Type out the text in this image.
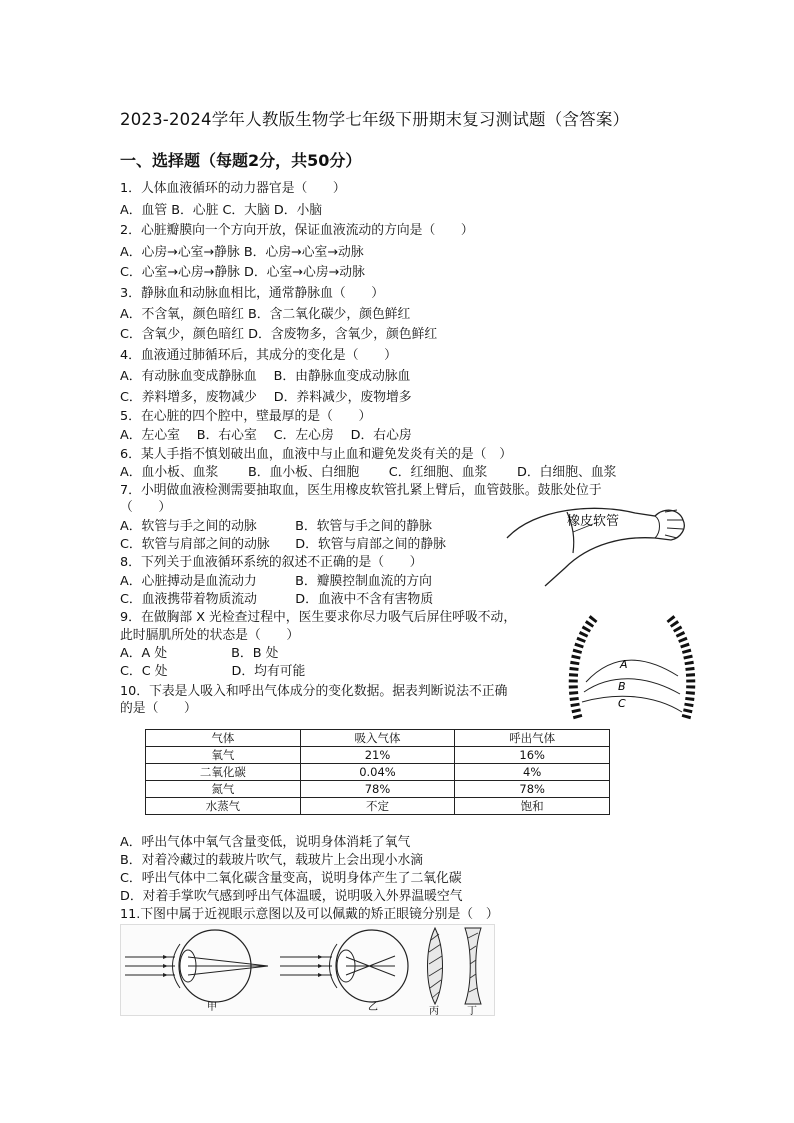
2023-2024学年人教版生物学七年级下册期末复习测试题（含答案）
一、选择题（每题2分，共50分）
1．人体血液循环的动力器官是（　　）
A．血管 B．心脏 C．大脑 D．小脑
2．心脏瓣膜向一个方向开放，保证血液流动的方向是（　　）
A．心房→心室→静脉 B．心房→心室→动脉
C．心室→心房→静脉 D．心室→心房→动脉
3．静脉血和动脉血相比，通常静脉血（　　）
A．不含氧，颜色暗红 B．含二氧化碳少，颜色鲜红
C．含氧少，颜色暗红 D．含废物多，含氧少，颜色鲜红
4．血液通过肺循环后，其成分的变化是（　　）
A．有动脉血变成静脉血　 B．由静脉血变成动脉血
C．养料增多，废物减少　 D．养料减少，废物增多
5．在心脏的四个腔中，壁最厚的是（　　）
A．左心室　 B．右心室　 C．左心房　 D．右心房
6．某人手指不慎划破出血，血液中与止血和避免发炎有关的是（　）
A．血小板、血浆　　 B．血小板、白细胞　　 C．红细胞、血浆　　 D．白细胞、血浆
7．小明做血液检测需要抽取血，医生用橡皮软管扎紧上臂后，血管鼓胀。鼓胀处位于
（　　）
A．软管与手之间的动脉　　　B．软管与手之间的静脉
C．软管与肩部之间的动脉　　D．软管与肩部之间的静脉
橡皮软管
8．下列关于血液循环系统的叙述不正确的是（　　）
A．心脏搏动是血流动力　　　B．瓣膜控制血流的方向
C．血液携带着物质流动　　　D．血液中不含有害物质
9．在做胸部 X 光检查过程中，医生要求你尽力吸气后屏住呼吸不动，
此时膈肌所处的状态是（　　）
A．A 处　　　　　B．B 处
C．C 处　　　　　D．均有可能	A
B
C
10．下表是人吸入和呼出气体成分的变化数据。据表判断说法不正确
的是（　　）
气体	吸入气体	呼出气体
氧气	21%	16%
二氧化碳	0.04%	4%
氮气	78%	78%
水蒸气	不定	饱和
A．呼出气体中氧气含量变低，说明身体消耗了氧气
B．对着冷藏过的载玻片吹气，载玻片上会出现小水滴
C．呼出气体中二氧化碳含量变高，说明身体产生了二氧化碳
D．对着手掌吹气感到呼出气体温暖，说明吸入外界温暖空气
11.下图中属于近视眼示意图以及可以佩戴的矫正眼镜分别是（　）
甲	乙	丙	丁
